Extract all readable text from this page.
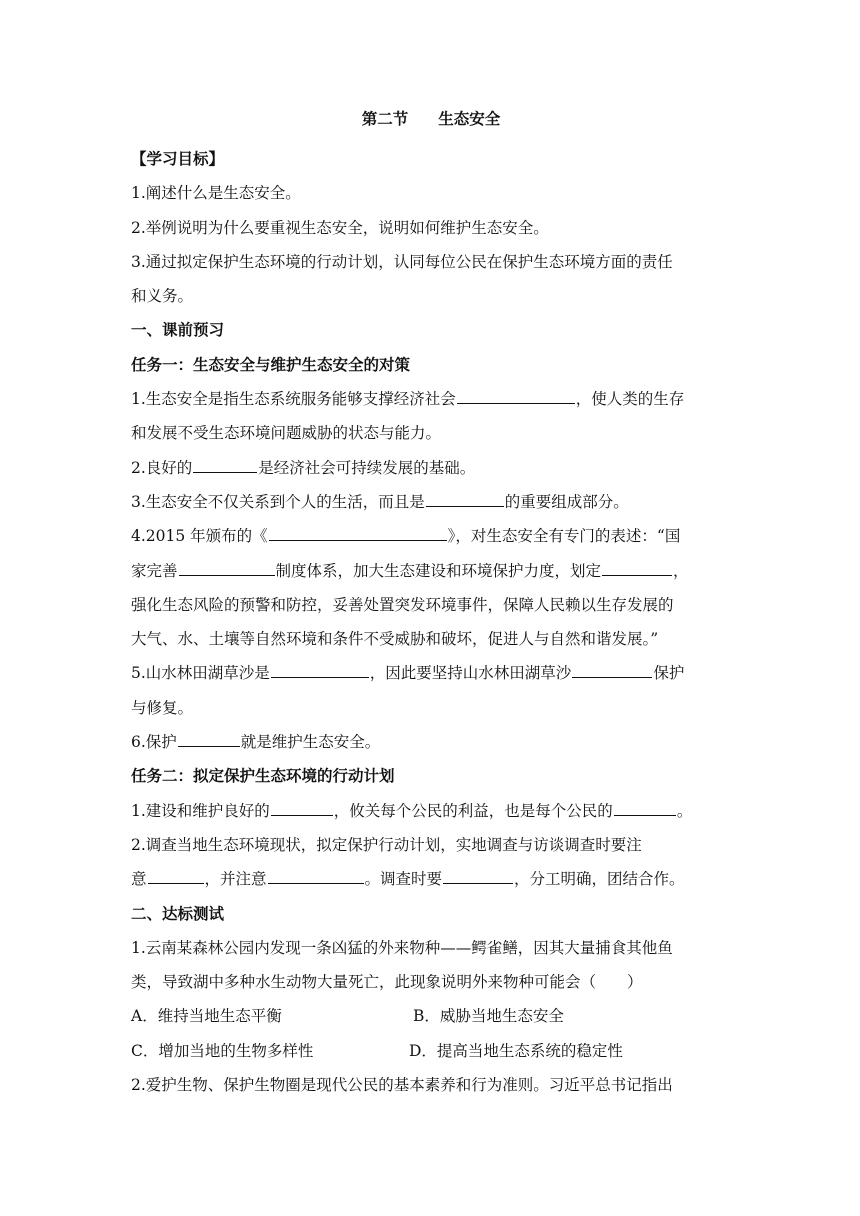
第二节 生态安全
【学习目标】
1.阐述什么是生态安全。
2.举例说明为什么要重视生态安全，说明如何维护生态安全。
3.通过拟定保护生态环境的行动计划，认同每位公民在保护生态环境方面的责任
和义务。
一、课前预习
任务一：生态安全与维护生态安全的对策
1.生态安全是指生态系统服务能够支撑经济社会	，使人类的生存
和发展不受生态环境问题威胁的状态与能力。
2.良好的	是经济社会可持续发展的基础。
3.生态安全不仅关系到个人的生活，而且是	的重要组成部分。
4.2015 年颁布的《	》，对生态安全有专门的表述：“国
家完善	制度体系，加大生态建设和环境保护力度，划定	，
强化生态风险的预警和防控，妥善处置突发环境事件，保障人民赖以生存发展的
大气、水、土壤等自然环境和条件不受威胁和破坏，促进人与自然和谐发展。”
5.山水林田湖草沙是	，因此要坚持山水林田湖草沙	保护
与修复。
6.保护	就是维护生态安全。
任务二：拟定保护生态环境的行动计划
1.建设和维护良好的	，攸关每个公民的利益，也是每个公民的	。
2.调查当地生态环境现状，拟定保护行动计划，实地调查与访谈调查时要注
意	，并注意	。调查时要	，分工明确，团结合作。
二、达标测试
1.云南某森林公园内发现一条凶猛的外来物种——鳄雀鳝，因其大量捕食其他鱼
类，导致湖中多种水生动物大量死亡，此现象说明外来物种可能会（　　）
A．维持当地生态平衡	B．威胁当地生态安全
C．增加当地的生物多样性	D．提高当地生态系统的稳定性
2.爱护生物、保护生物圈是现代公民的基本素养和行为准则。习近平总书记指出
